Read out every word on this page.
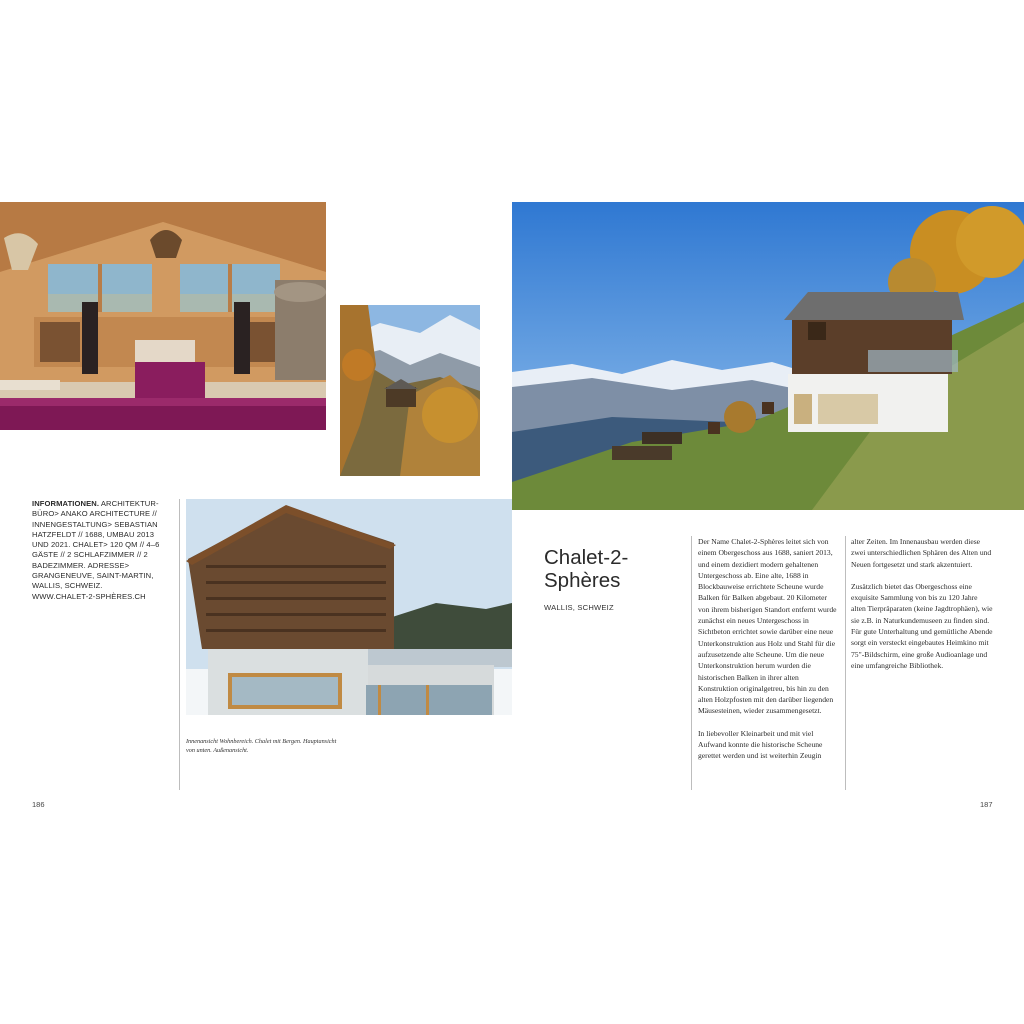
INFORMATIONEN. ARCHITEKTURBÜRO> ANAKO ARCHITECTURE // INNENGESTALTUNG> SEBASTIAN HATZFELDT // 1688, UMBAU 2013 UND 2021. CHALET> 120 QM // 4–6 GÄSTE // 2 SCHLAFZIMMER // 2 BADEZIMMER. ADRESSE> GRANGENEUVE, SAINT-MARTIN, WALLIS, SCHWEIZ. WWW.CHALET-2-SPHÈRES.CH
Innenansicht Wohnbereich. Chalet mit Bergen. Hauptansicht von unten. Außenansicht.
Chalet-2-Sphères
WALLIS, SCHWEIZ

Der Name Chalet-2-Sphères leitet sich von einem Obergeschoss aus 1688, saniert 2013, und einem dezidiert modern gehaltenen Untergeschoss ab. Eine alte, 1688 in Blockbauweise errichtete Scheune wurde Balken für Balken abgebaut. 20 Kilometer von ihrem bisherigen Standort entfernt wurde zunächst ein neues Untergeschoss in Sichtbeton errichtet sowie darüber eine neue Unterkonstruktion aus Holz und Stahl für die aufzusetzende alte Scheune. Um die neue Unterkonstruktion herum wurden die historischen Balken in ihrer alten Konstruktion originalgetreu, bis hin zu den alten Holzpfosten mit den darüber liegenden Mäusesteinen, wieder zusammengesetzt.

In liebevoller Kleinarbeit und mit viel Aufwand konnte die historische Scheune gerettet werden und ist weiterhin Zeugin

alter Zeiten. Im Innenausbau werden diese zwei unterschiedlichen Sphären des Alten und Neuen fortgesetzt und stark akzentuiert.

Zusätzlich bietet das Obergeschoss eine exquisite Sammlung von bis zu 120 Jahre alten Tierpräparaten (keine Jagdtrophäen), wie sie z.B. in Naturkundemuseen zu finden sind. Für gute Unterhaltung und gemütliche Abende sorgt ein versteckt eingebautes Heimkino mit 75"-Bildschirm, eine große Audioanlage und eine umfangreiche Bibliothek.

186	187
